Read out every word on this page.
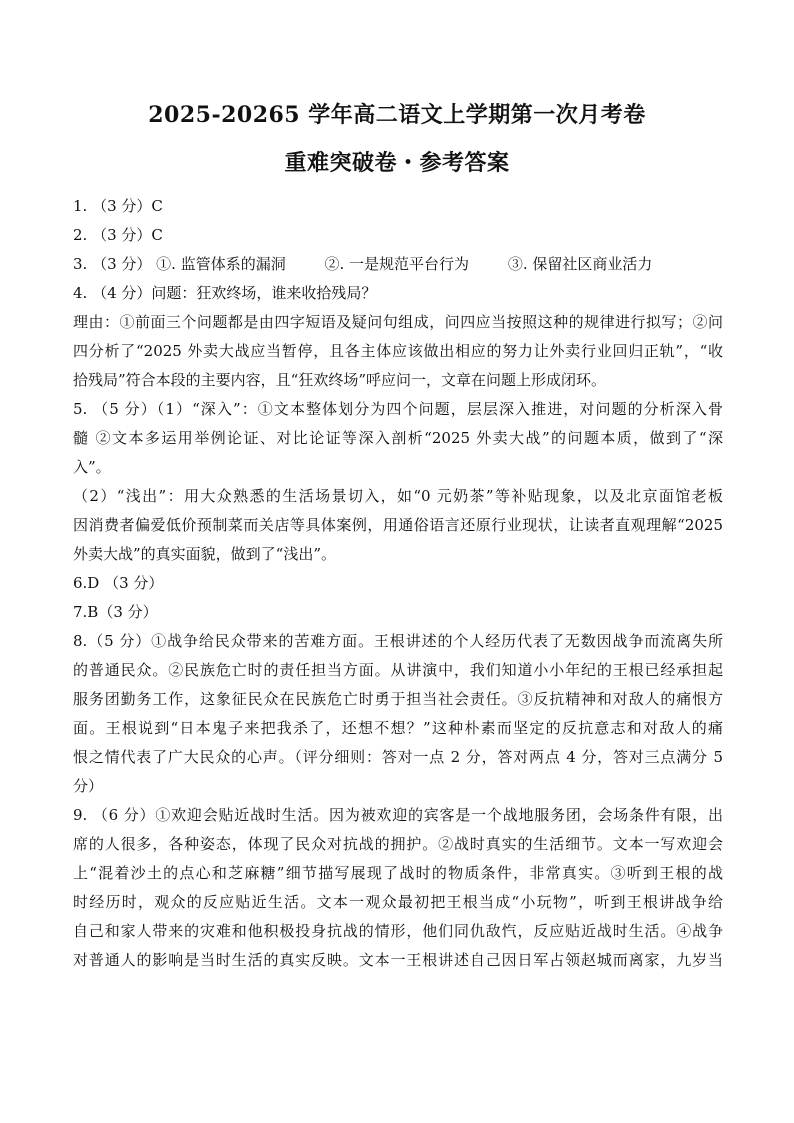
2025-20265 学年高二语文上学期第一次月考卷
重难突破卷・参考答案
1. （3 分）C
2. （3 分）C
3. （3 分） ①. 监管体系的漏洞	②. 一是规范平台行为	③. 保留社区商业活力
4. （4 分）问题：狂欢终场，谁来收拾残局？
理由：①前面三个问题都是由四字短语及疑问句组成，问四应当按照这种的规律进行拟写；②问
四分析了“2025 外卖大战应当暂停，且各主体应该做出相应的努力让外卖行业回归正轨”，“收
拾残局”符合本段的主要内容，且“狂欢终场”呼应问一，文章在问题上形成闭环。
5. （5 分）（1）“深入”：①文本整体划分为四个问题，层层深入推进，对问题的分析深入骨
髓 ②文本多运用举例论证、对比论证等深入剖析“2025 外卖大战”的问题本质，做到了“深
入”。
（2）“浅出”：用大众熟悉的生活场景切入，如“0 元奶茶”等补贴现象，以及北京面馆老板
因消费者偏爱低价预制菜而关店等具体案例，用通俗语言还原行业现状，让读者直观理解“2025
外卖大战”的真实面貌，做到了“浅出”。
6.D （3 分）
7.B（3 分）
8.（5 分）①战争给民众带来的苦难方面。王根讲述的个人经历代表了无数因战争而流离失所
的普通民众。②民族危亡时的责任担当方面。从讲演中，我们知道小小年纪的王根已经承担起
服务团勤务工作，这象征民众在民族危亡时勇于担当社会责任。③反抗精神和对敌人的痛恨方
面。王根说到“日本鬼子来把我杀了，还想不想？”这种朴素而坚定的反抗意志和对敌人的痛
恨之情代表了广大民众的心声。（评分细则：答对一点 2 分，答对两点 4 分，答对三点满分 5
分）
9. （6 分）①欢迎会贴近战时生活。因为被欢迎的宾客是一个战地服务团，会场条件有限，出
席的人很多，各种姿态，体现了民众对抗战的拥护。②战时真实的生活细节。文本一写欢迎会
上“混着沙土的点心和芝麻糖”细节描写展现了战时的物质条件，非常真实。③听到王根的战
时经历时，观众的反应贴近生活。文本一观众最初把王根当成“小玩物”，听到王根讲战争给
自己和家人带来的灾难和他积极投身抗战的情形，他们同仇敌忾，反应贴近战时生活。④战争
对普通人的影响是当时生活的真实反映。文本一王根讲述自己因日军占领赵城而离家，九岁当
